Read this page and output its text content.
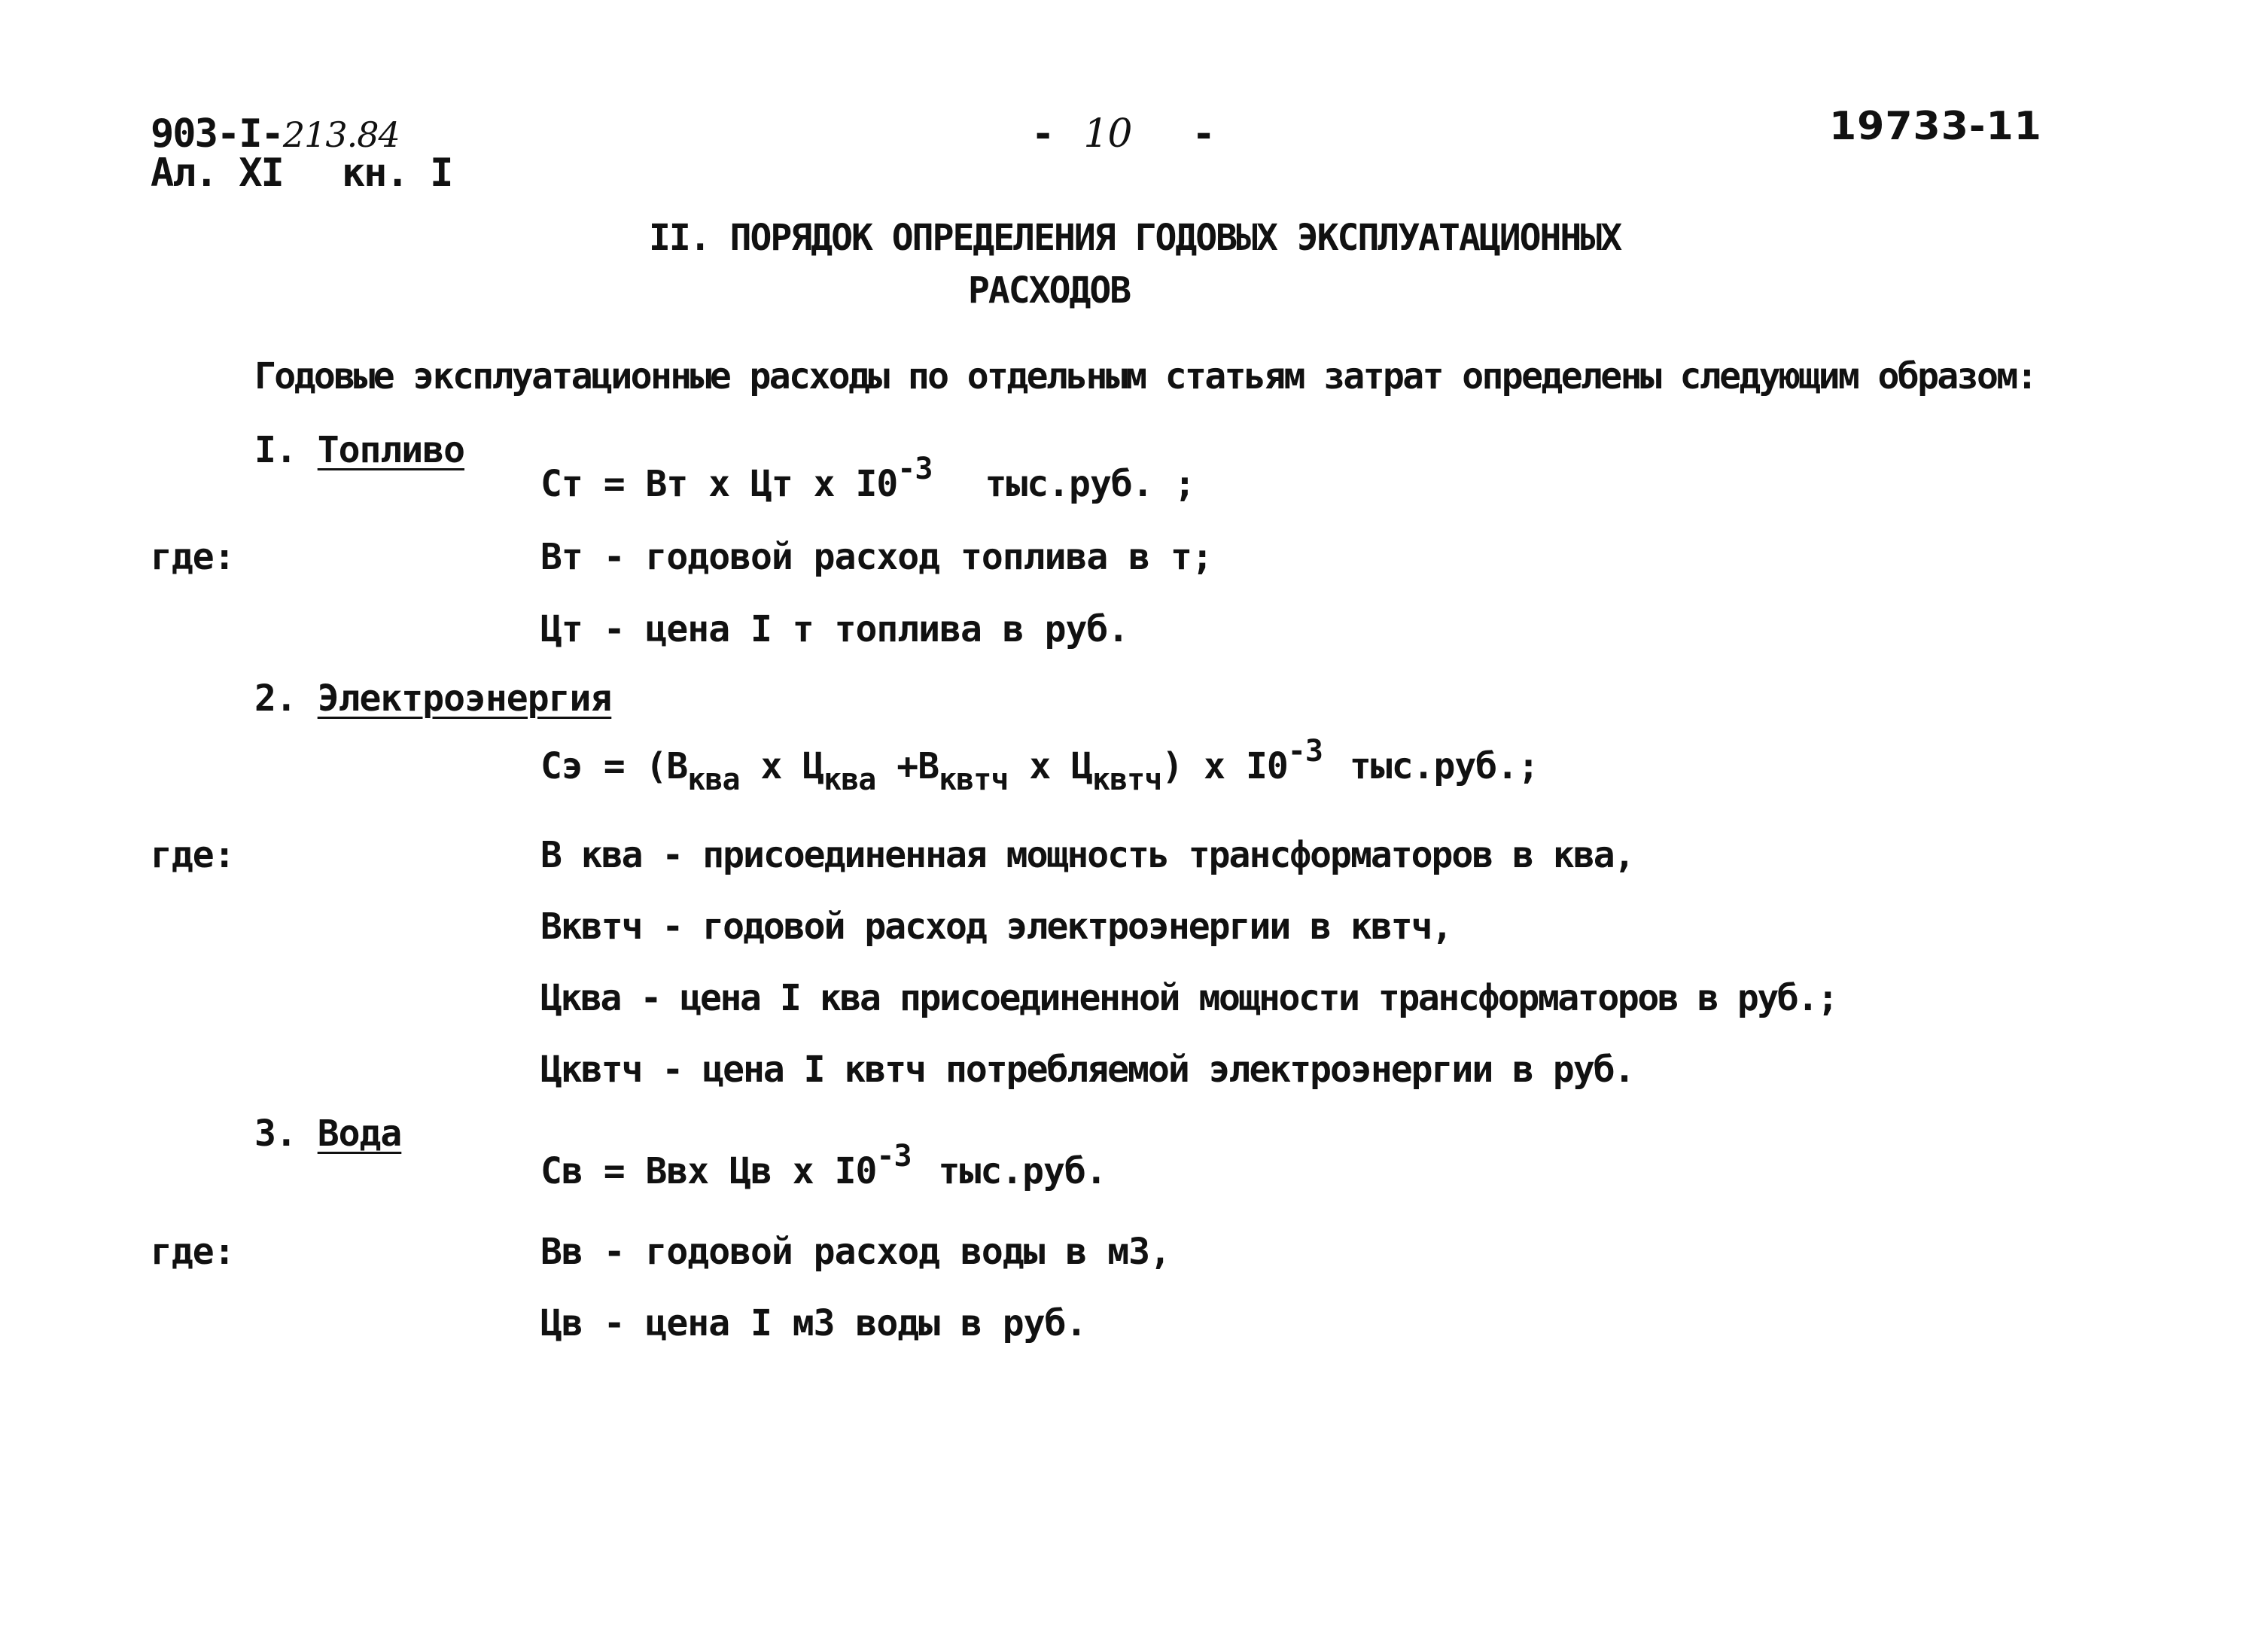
903-I-213.84
Ал. XI кн. I
- 10 -	19733-11
II. ПОРЯДОК ОПРЕДЕЛЕНИЯ ГОДОВЫХ ЭКСПЛУАТАЦИОННЫХ
РАСХОДОВ
Годовые эксплуатационные расходы по отдельным статьям затрат определены следующим образом:
I. Топливо
Ст = Вт x Цт x $I0^{-3}$ тыс.руб. ;
где:	Вт - годовой расход топлива в т;
Цт - цена I т топлива в руб.
2. Электроэнергия
Сэ = ($В_{ква}$ x $Ц_{ква} +В_{квтч}$ x $Ц_{квтч}$) x $I0^{-3}$ тыс.руб.;
где:	В ква - присоединенная мощность трансформаторов в ква,
Вквтч - годовой расход электроэнергии в квтч,
Цква - цена I ква присоединенной мощности трансформаторов в руб.;
Цквтч - цена I квтч потребляемой электроэнергии в руб.
3. Вода
Св = Ввх Цв x $I0^{-3}$ тыс.руб.
где:	Вв - годовой расход воды в м3,
Цв - цена I м3 воды в руб.
